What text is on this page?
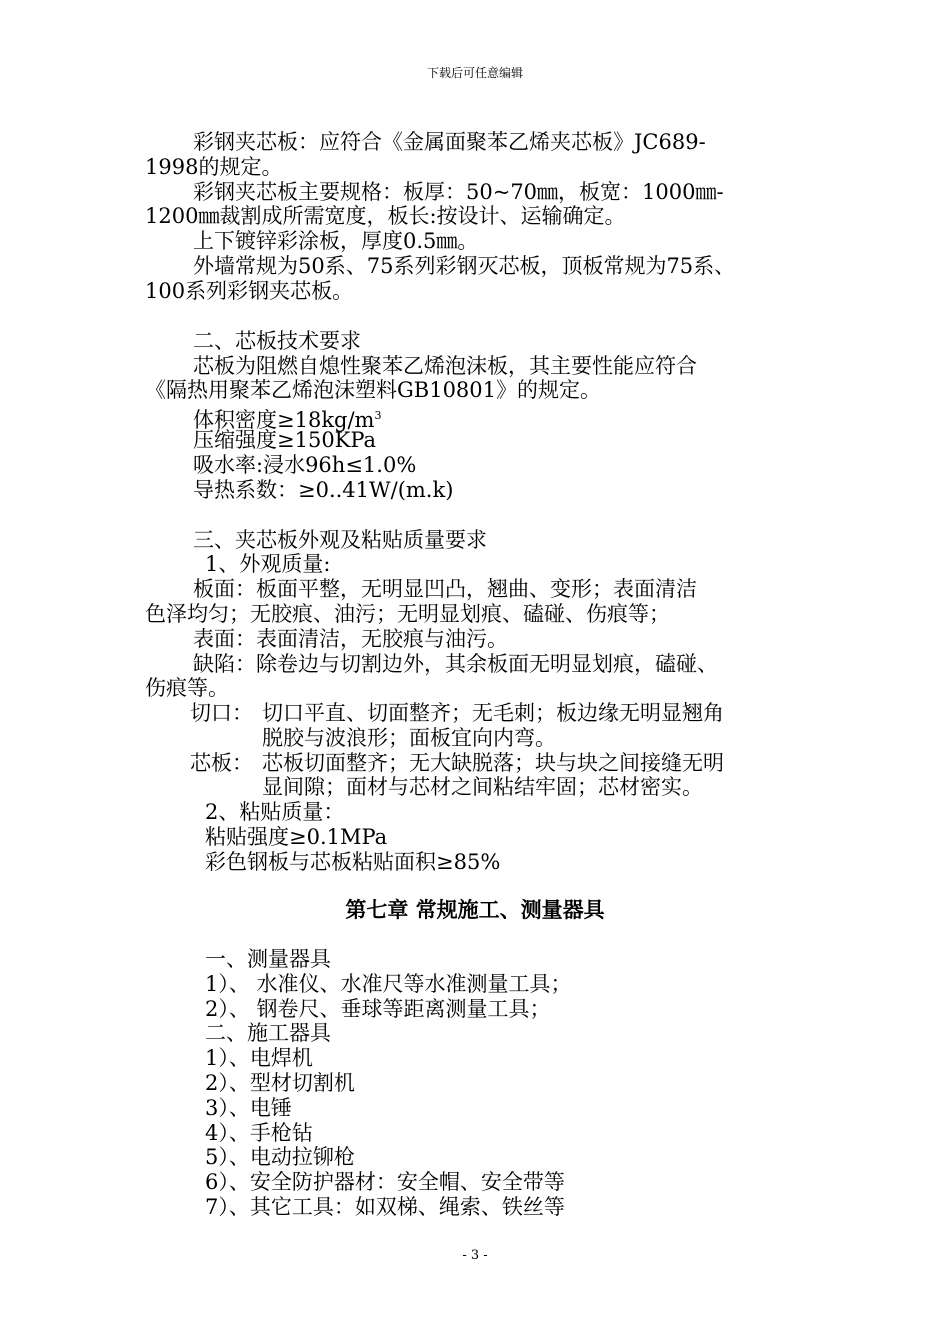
下载后可任意编辑
彩钢夹芯板：应符合《金属面聚苯乙烯夹芯板》JC689-
1998的规定。
彩钢夹芯板主要规格：板厚：50~70㎜，板宽：1000㎜-
1200㎜裁割成所需宽度，板长:按设计、运输确定。
上下镀锌彩涂板，厚度0.5㎜。
外墙常规为50系、75系列彩钢灭芯板，顶板常规为75系、
100系列彩钢夹芯板。
二、芯板技术要求
芯板为阻燃自熄性聚苯乙烯泡沫板，其主要性能应符合
《隔热用聚苯乙烯泡沫塑料GB10801》的规定。
体积密度$\ge 18kg/m^3$
压缩强度≥150KPa
吸水率:浸水96h≤1.0%
导热系数：≥0..41W/(m.k)
三、夹芯板外观及粘贴质量要求
1、外观质量:
板面：板面平整，无明显凹凸，翘曲、变形；表面清洁
色泽均匀；无胶痕、油污；无明显划痕、磕碰、伤痕等；
表面：表面清洁，无胶痕与油污。
缺陷：除卷边与切割边外，其余板面无明显划痕，磕碰、
伤痕等。
切口： 切口平直、切面整齐；无毛刺；板边缘无明显翘角
脱胶与波浪形；面板宜向内弯。
芯板： 芯板切面整齐；无大缺脱落；块与块之间接缝无明
显间隙；面材与芯材之间粘结牢固；芯材密实。
2、粘贴质量：
粘贴强度≥0.1MPa
彩色钢板与芯板粘贴面积≥85%
第七章 常规施工、测量器具
一、测量器具
1）、 水准仪、水准尺等水准测量工具；
2）、 钢卷尺、垂球等距离测量工具；
二、施工器具
1）、电焊机
2）、型材切割机
3）、电锤
4）、手枪钻
5）、电动拉铆枪
6）、安全防护器材：安全帽、安全带等
7）、其它工具：如双梯、绳索、铁丝等
- 3 -
